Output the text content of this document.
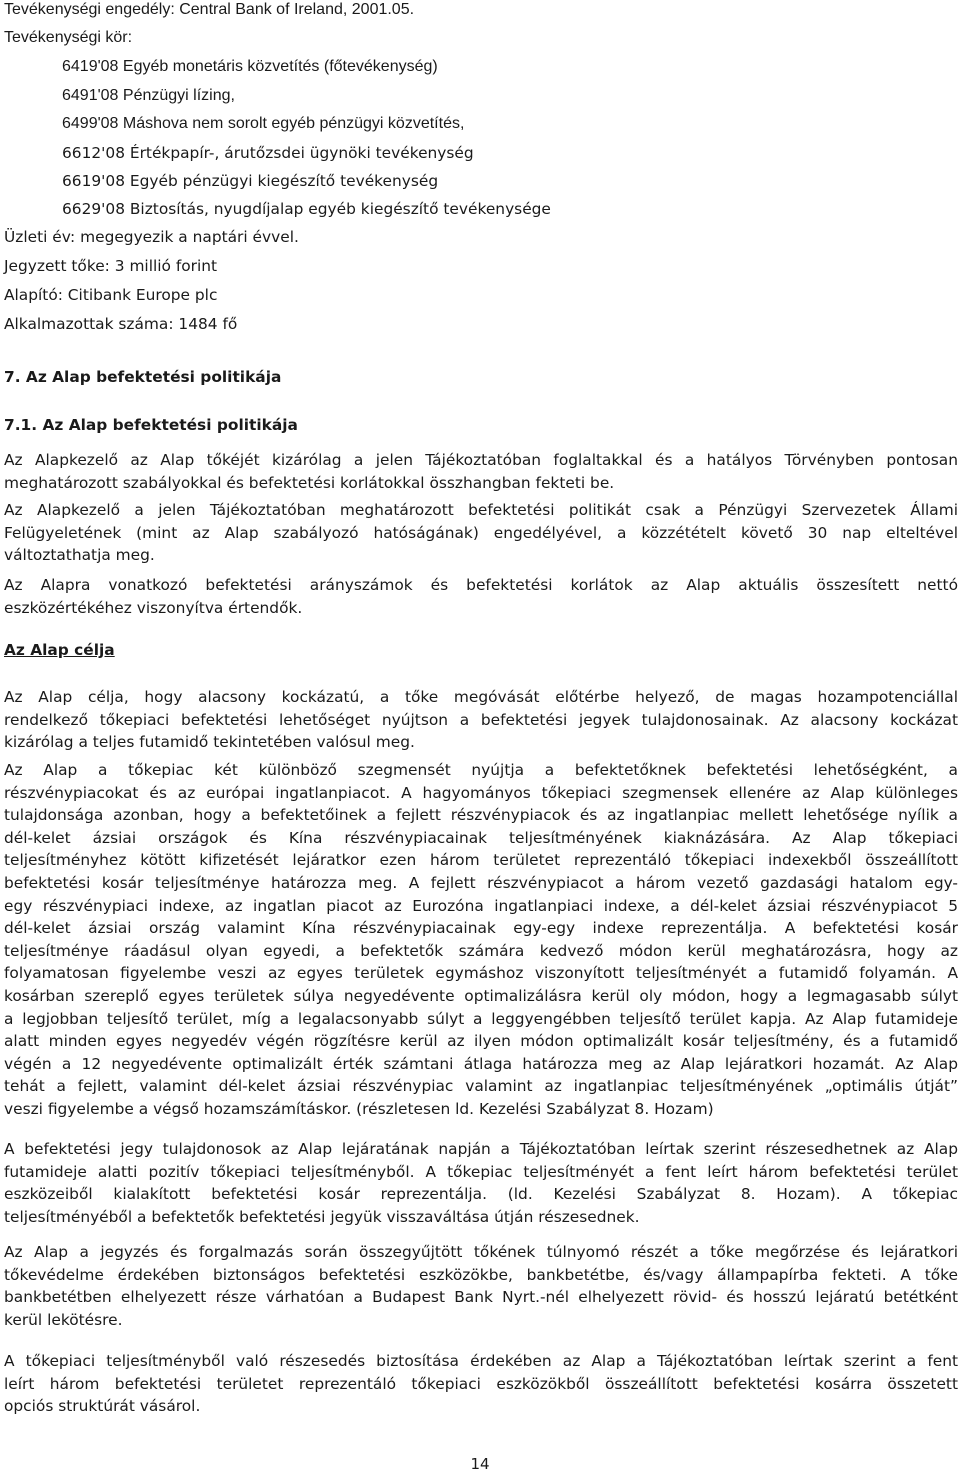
Tevékenységi engedély: Central Bank of Ireland, 2001.05.
Tevékenységi kör:
6419'08 Egyéb monetáris közvetítés (főtevékenység)
6491'08 Pénzügyi lízing,
6499'08 Máshova nem sorolt egyéb pénzügyi közvetítés,
6612'08 Értékpapír-, árutőzsdei ügynöki tevékenység
6619'08 Egyéb pénzügyi kiegészítő tevékenység
6629'08 Biztosítás, nyugdíjalap egyéb kiegészítő tevékenysége
Üzleti év: megegyezik a naptári évvel.
Jegyzett tőke: 3 millió forint
Alapító: Citibank Europe plc
Alkalmazottak száma: 1484 fő
7. Az Alap befektetési politikája
7.1. Az Alap befektetési politikája
Az Alapkezelő az Alap tőkéjét kizárólag a jelen Tájékoztatóban foglaltakkal és a hatályos Törvényben pontosan
meghatározott szabályokkal és befektetési korlátokkal összhangban fekteti be.
Az Alapkezelő a jelen Tájékoztatóban meghatározott befektetési politikát csak a Pénzügyi Szervezetek Állami
Felügyeletének (mint az Alap szabályozó hatóságának) engedélyével, a közzétételt követő 30 nap elteltével
változtathatja meg.
Az Alapra vonatkozó befektetési arányszámok és befektetési korlátok az Alap aktuális összesített nettó
eszközértékéhez viszonyítva értendők.
Az Alap célja
Az Alap célja, hogy alacsony kockázatú, a tőke megóvását előtérbe helyező, de magas hozampotenciállal
rendelkező tőkepiaci befektetési lehetőséget nyújtson a befektetési jegyek tulajdonosainak. Az alacsony kockázat
kizárólag a teljes futamidő tekintetében valósul meg.
Az Alap a tőkepiac két különböző szegmensét nyújtja a befektetőknek befektetési lehetőségként, a
részvénypiacokat és az európai ingatlanpiacot. A hagyományos tőkepiaci szegmensek ellenére az Alap különleges
tulajdonsága azonban, hogy a befektetőinek a fejlett részvénypiacok és az ingatlanpiac mellett lehetősége nyílik a
dél-kelet ázsiai országok és Kína részvénypiacainak teljesítményének kiaknázására. Az Alap tőkepiaci
teljesítményhez kötött kifizetését lejáratkor ezen három területet reprezentáló tőkepiaci indexekből összeállított
befektetési kosár teljesítménye határozza meg. A fejlett részvénypiacot a három vezető gazdasági hatalom egy-
egy részvénypiaci indexe, az ingatlan piacot az Eurozóna ingatlanpiaci indexe, a dél-kelet ázsiai részvénypiacot 5
dél-kelet ázsiai ország valamint Kína részvénypiacainak egy-egy indexe reprezentálja. A befektetési kosár
teljesítménye ráadásul olyan egyedi, a befektetők számára kedvező módon kerül meghatározásra, hogy az
folyamatosan figyelembe veszi az egyes területek egymáshoz viszonyított teljesítményét a futamidő folyamán. A
kosárban szereplő egyes területek súlya negyedévente optimalizálásra kerül oly módon, hogy a legmagasabb súlyt
a legjobban teljesítő terület, míg a legalacsonyabb súlyt a leggyengébben teljesítő terület kapja. Az Alap futamideje
alatt minden egyes negyedév végén rögzítésre kerül az ilyen módon optimalizált kosár teljesítmény, és a futamidő
végén a 12 negyedévente optimalizált érték számtani átlaga határozza meg az Alap lejáratkori hozamát. Az Alap
tehát a fejlett, valamint dél-kelet ázsiai részvénypiac valamint az ingatlanpiac teljesítményének „optimális útját”
veszi figyelembe a végső hozamszámításkor. (részletesen ld. Kezelési Szabályzat 8. Hozam)
A befektetési jegy tulajdonosok az Alap lejáratának napján a Tájékoztatóban leírtak szerint részesedhetnek az Alap
futamideje alatti pozitív tőkepiaci teljesítményből. A tőkepiac teljesítményét a fent leírt három befektetési terület
eszközeiből kialakított befektetési kosár reprezentálja. (ld. Kezelési Szabályzat 8. Hozam). A tőkepiac
teljesítményéből a befektetők befektetési jegyük visszaváltása útján részesednek.
Az Alap a jegyzés és forgalmazás során összegyűjtött tőkének túlnyomó részét a tőke megőrzése és lejáratkori
tőkevédelme érdekében biztonságos befektetési eszközökbe, bankbetétbe, és/vagy állampapírba fekteti. A tőke
bankbetétben elhelyezett része várhatóan a Budapest Bank Nyrt.-nél elhelyezett rövid- és hosszú lejáratú betétként
kerül lekötésre.
A tőkepiaci teljesítményből való részesedés biztosítása érdekében az Alap a Tájékoztatóban leírtak szerint a fent
leírt három befektetési területet reprezentáló tőkepiaci eszközökből összeállított befektetési kosárra összetett
opciós struktúrát vásárol.
14
